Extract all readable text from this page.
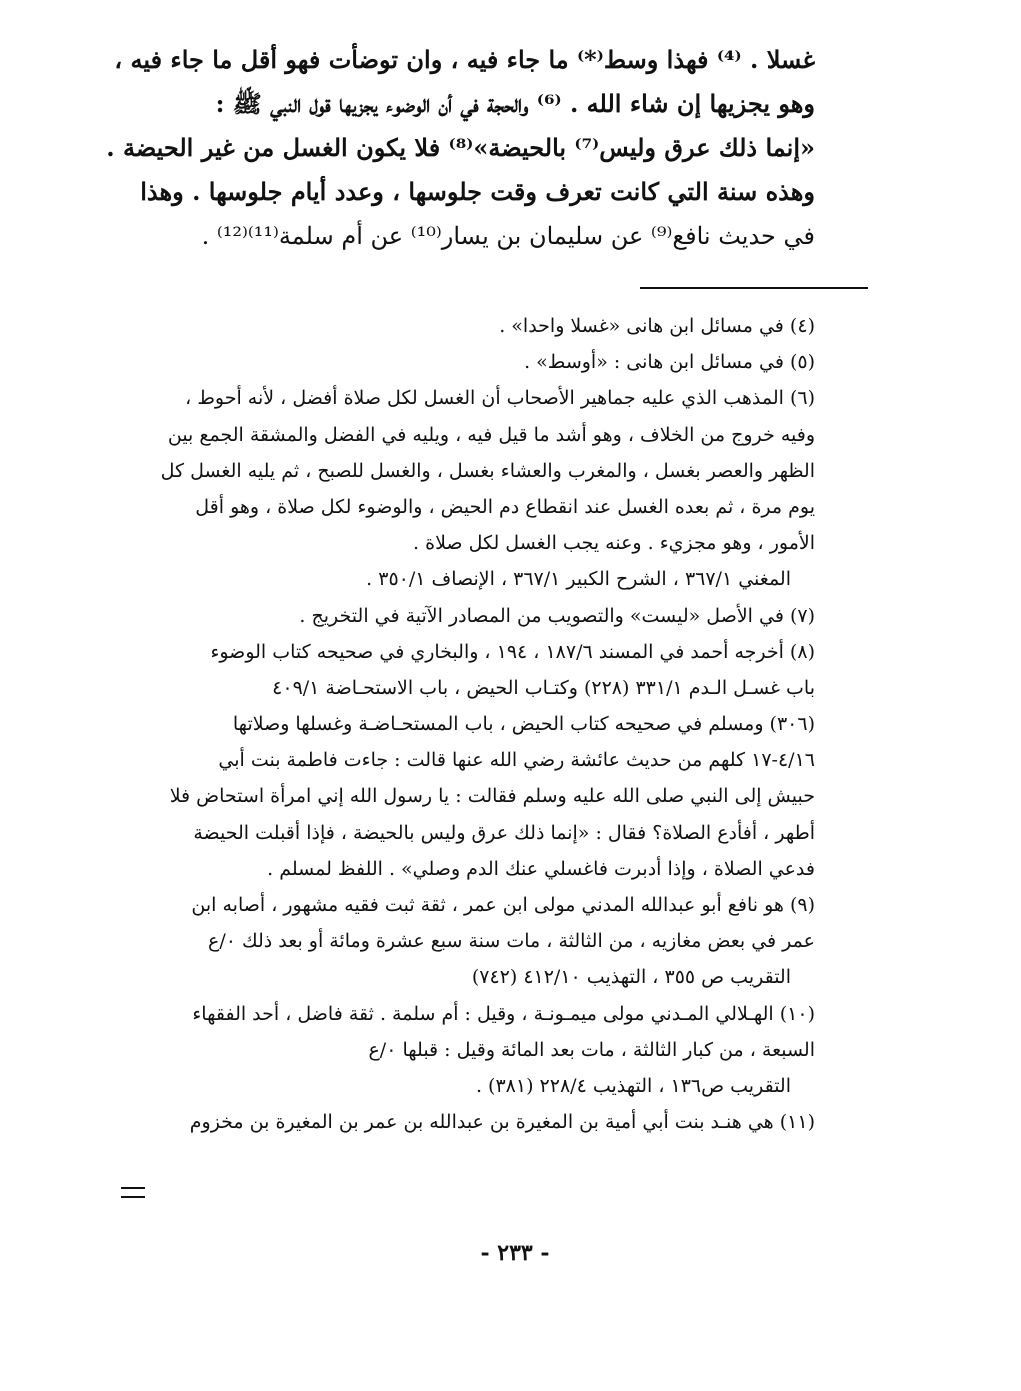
غسلا . ⁽⁴⁾ فهذا وسط⁽*⁾ ما جاء فيه ، وان توضأت فهو أقل ما جاء فيه ،
وهو يجزيها إن شاء الله . ⁽⁶⁾ والحجة في أن الوضوء يجزيها قول النبي ﷺ :
«إنما ذلك عرق وليس⁽⁷⁾ بالحيضة»⁽⁸⁾ فلا يكون الغسل من غير الحيضة .
وهذه سنة التي كانت تعرف وقت جلوسها ، وعدد أيام جلوسها . وهذا
في حديث نافع⁽⁹⁾ عن سليمان بن يسار⁽¹⁰⁾ عن أم سلمة⁽¹¹⁾⁽¹²⁾ .
(٤) في مسائل ابن هانی «غسلا واحدا» .
(٥) في مسائل ابن هانی : «أوسط» .
(٦) المذهب الذي عليه جماهير الأصحاب أن الغسل لكل صلاة أفضل ، لأنه أحوط ،
وفيه خروج من الخلاف ، وهو أشد ما قيل فيه ، ويليه في الفضل والمشقة الجمع بين
الظهر والعصر بغسل ، والمغرب والعشاء بغسل ، والغسل للصبح ، ثم يليه الغسل كل
يوم مرة ، ثم بعده الغسل عند انقطاع دم الحيض ، والوضوء لكل صلاة ، وهو أقل
الأمور ، وهو مجزيء . وعنه يجب الغسل لكل صلاة .
المغني ٣٦٧/١ ، الشرح الكبير ٣٦٧/١ ، الإنصاف ٣٥٠/١ .
(٧) في الأصل «ليست» والتصويب من المصادر الآتية في التخريج .
(٨) أخرجه أحمد في المسند ١٨٧/٦ ، ١٩٤ ، والبخاري في صحيحه كتاب الوضوء
باب غسـل الـدم ٣٣١/١ (٢٢٨) وكتـاب الحيض ، باب الاستحـاضة ٤٠٩/١
(٣٠٦) ومسلم في صحيحه كتاب الحيض ، باب المستحـاضـة وغسلها وصلاتها
٤/١٦-١٧ كلهم من حديث عائشة رضي الله عنها قالت : جاءت فاطمة بنت أبي
حبيش إلى النبي صلى الله عليه وسلم فقالت : يا رسول الله إني امرأة استحاض فلا
أطهر ، أفأدع الصلاة؟ فقال : «إنما ذلك عرق وليس بالحيضة ، فإذا أقبلت الحيضة
فدعي الصلاة ، وإذا أدبرت فاغسلي عنك الدم وصلي» . اللفظ لمسلم .
(٩) هو نافع أبو عبدالله المدني مولى ابن عمر ، ثقة ثبت فقيه مشهور ، أصابه ابن
عمر في بعض مغازيه ، من الثالثة ، مات سنة سبع عشرة ومائة أو بعد ذلك ٠/ع
التقريب ص ٣٥٥ ، التهذيب ٤١٢/١٠ (٧٤٢)
(١٠) الهـلالي المـدني مولى ميمـونـة ، وقيل : أم سلمة . ثقة فاضل ، أحد الفقهاء
السبعة ، من كبار الثالثة ، مات بعد المائة وقيل : قبلها ٠/ع
التقريب ص١٣٦ ، التهذيب ٢٢٨/٤ (٣٨١) .
(١١) هي هنـد بنت أبي أمية بن المغيرة بن عبدالله بن عمر بن المغيرة بن مخزوم
- ٢٣٣ -
